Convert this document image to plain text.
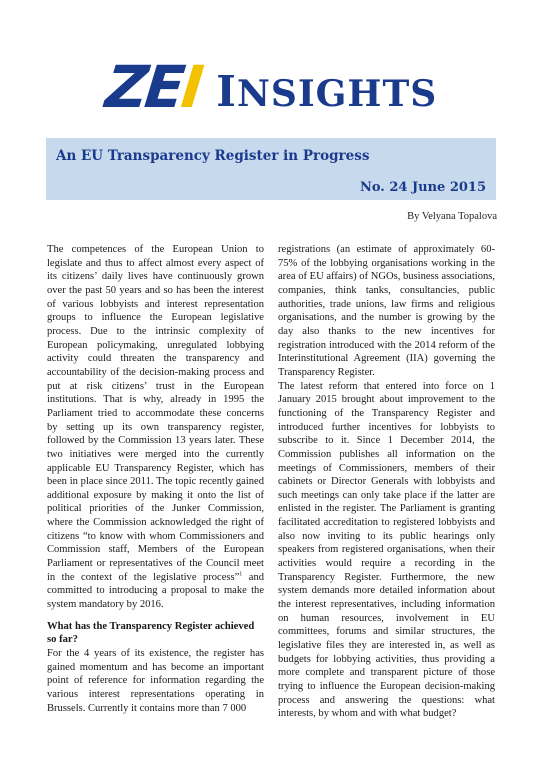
ZEI INSIGHTS
An EU Transparency Register in Progress
No. 24 June 2015
By Velyana Topalova

The competences of the European Union to legislate and thus to affect almost every aspect of its citizens’ daily lives have continuously grown over the past 50 years and so has been the interest of various lobbyists and interest representation groups to influence the European legislative process. Due to the intrinsic complexity of European policymaking, unregulated lobbying activity could threaten the transparency and accountability of the decision-making process and put at risk citizens’ trust in the European institutions. That is why, already in 1995 the Parliament tried to accommodate these concerns by setting up its own transparency register, followed by the Commission 13 years later. These two initiatives were merged into the currently applicable EU Transparency Register, which has been in place since 2011. The topic recently gained additional exposure by making it onto the list of political priorities of the Junker Commission, where the Commission acknowledged the right of citizens “to know with whom Commissioners and Commission staff, Members of the European Parliament or representatives of the Council meet in the context of the legislative process”$^1$ and committed to introducing a proposal to make the system mandatory by 2016.

What has the Transparency Register achieved so far?

For the 4 years of its existence, the register has gained momentum and has become an important point of reference for information regarding the various interest representations operating in Brussels. Currently it contains more than 7 000

registrations (an estimate of approximately 60-75% of the lobbying organisations working in the area of EU affairs) of NGOs, business associations, companies, think tanks, consultancies, public authorities, trade unions, law firms and religious organisations, and the number is growing by the day also thanks to the new incentives for registration introduced with the 2014 reform of the Interinstitutional Agreement (IIA) governing the Transparency Register.

The latest reform that entered into force on 1 January 2015 brought about improvement to the functioning of the Transparency Register and introduced further incentives for lobbyists to subscribe to it. Since 1 December 2014, the Commission publishes all information on the meetings of Commissioners, members of their cabinets or Director Generals with lobbyists and such meetings can only take place if the latter are enlisted in the register. The Parliament is granting facilitated accreditation to registered lobbyists and also now inviting to its public hearings only speakers from registered organisations, when their activities would require a recording in the Transparency Register. Furthermore, the new system demands more detailed information about the interest representatives, including information on human resources, involvement in EU committees, forums and similar structures, the legislative files they are interested in, as well as budgets for lobbying activities, thus providing a more complete and transparent picture of those trying to influence the European decision-making process and answering the questions: what interests, by whom and with what budget?
